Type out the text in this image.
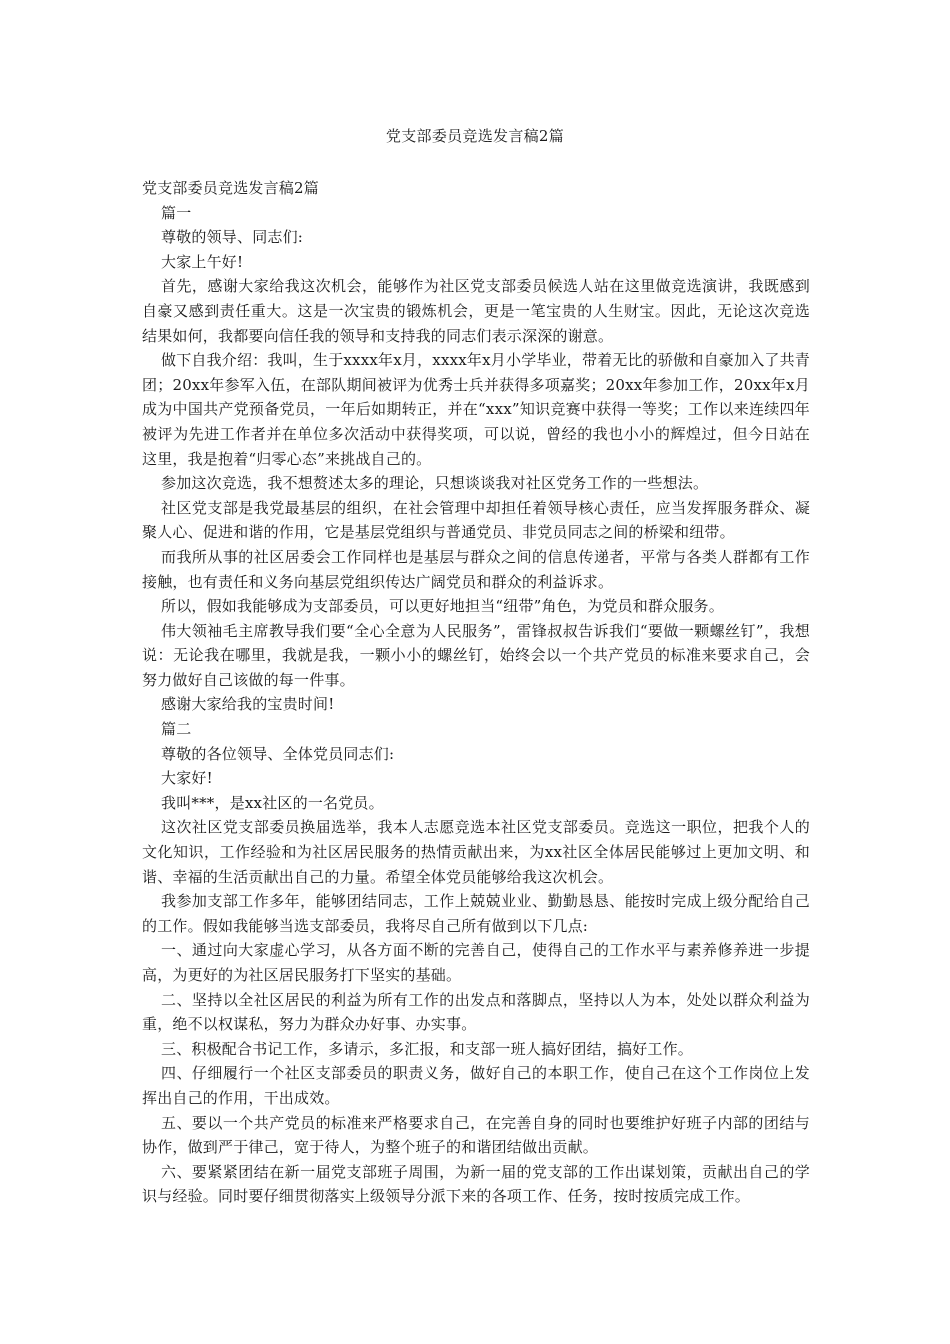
党支部委员竞选发言稿2篇

党支部委员竞选发言稿2篇

篇一

尊敬的领导、同志们:

大家上午好!

首先，感谢大家给我这次机会，能够作为社区党支部委员候选人站在这里做竞选演讲，我既感到自豪又感到责任重大。这是一次宝贵的锻炼机会，更是一笔宝贵的人生财宝。因此，无论这次竞选结果如何，我都要向信任我的领导和支持我的同志们表示深深的谢意。

做下自我介绍：我叫，生于xxxx年x月，xxxx年x月小学毕业，带着无比的骄傲和自豪加入了共青团；20xx年参军入伍，在部队期间被评为优秀士兵并获得多项嘉奖；20xx年参加工作，20xx年x月成为中国共产党预备党员，一年后如期转正，并在“xxx”知识竞赛中获得一等奖；工作以来连续四年被评为先进工作者并在单位多次活动中获得奖项，可以说，曾经的我也小小的辉煌过，但今日站在这里，我是抱着“归零心态”来挑战自己的。

参加这次竞选，我不想赘述太多的理论，只想谈谈我对社区党务工作的一些想法。

社区党支部是我党最基层的组织，在社会管理中却担任着领导核心责任，应当发挥服务群众、凝聚人心、促进和谐的作用，它是基层党组织与普通党员、非党员同志之间的桥梁和纽带。

而我所从事的社区居委会工作同样也是基层与群众之间的信息传递者，平常与各类人群都有工作接触，也有责任和义务向基层党组织传达广阔党员和群众的利益诉求。

所以，假如我能够成为支部委员，可以更好地担当“纽带”角色，为党员和群众服务。

伟大领袖毛主席教导我们要“全心全意为人民服务”，雷锋叔叔告诉我们“要做一颗螺丝钉”，我想说：无论我在哪里，我就是我，一颗小小的螺丝钉，始终会以一个共产党员的标准来要求自己，会努力做好自己该做的每一件事。

感谢大家给我的宝贵时间!

篇二

尊敬的各位领导、全体党员同志们:

大家好!

我叫***，是xx社区的一名党员。

这次社区党支部委员换届选举，我本人志愿竞选本社区党支部委员。竞选这一职位，把我个人的文化知识，工作经验和为社区居民服务的热情贡献出来，为xx社区全体居民能够过上更加文明、和谐、幸福的生活贡献出自己的力量。希望全体党员能够给我这次机会。

我参加支部工作多年，能够团结同志，工作上兢兢业业、勤勤恳恳、能按时完成上级分配给自己的工作。假如我能够当选支部委员，我将尽自己所有做到以下几点:

一、通过向大家虚心学习，从各方面不断的完善自己，使得自己的工作水平与素养修养进一步提高，为更好的为社区居民服务打下坚实的基础。

二、坚持以全社区居民的利益为所有工作的出发点和落脚点，坚持以人为本，处处以群众利益为重，绝不以权谋私，努力为群众办好事、办实事。

三、积极配合书记工作，多请示，多汇报，和支部一班人搞好团结，搞好工作。

四、仔细履行一个社区支部委员的职责义务，做好自己的本职工作，使自己在这个工作岗位上发挥出自己的作用，干出成效。

五、要以一个共产党员的标准来严格要求自己，在完善自身的同时也要维护好班子内部的团结与协作，做到严于律己，宽于待人，为整个班子的和谐团结做出贡献。

六、要紧紧团结在新一届党支部班子周围，为新一届的党支部的工作出谋划策，贡献出自己的学识与经验。同时要仔细贯彻落实上级领导分派下来的各项工作、任务，按时按质完成工作。
